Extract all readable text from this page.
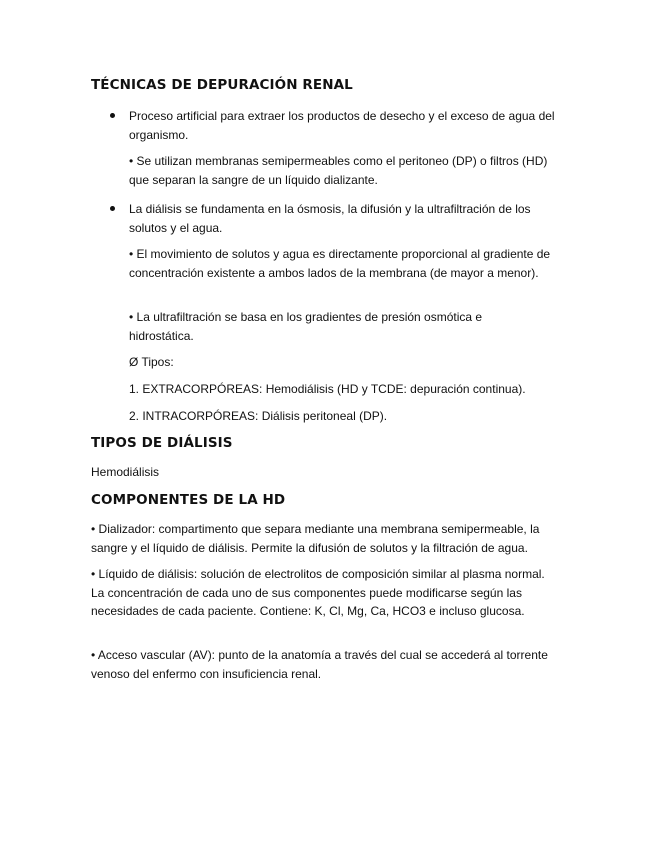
TÉCNICAS DE DEPURACIÓN RENAL

Proceso artificial para extraer los productos de desecho y el exceso de agua del organismo.

• Se utilizan membranas semipermeables como el peritoneo (DP) o filtros (HD) que separan la sangre de un líquido dializante.

La diálisis se fundamenta en la ósmosis, la difusión y la ultrafiltración de los solutos y el agua.

• El movimiento de solutos y agua es directamente proporcional al gradiente de concentración existente a ambos lados de la membrana (de mayor a menor).

• La ultrafiltración se basa en los gradientes de presión osmótica e hidrostática.

Ø Tipos:

1. EXTRACORPÓREAS: Hemodiálisis (HD y TCDE: depuración continua).

2. INTRACORPÓREAS: Diálisis peritoneal (DP).

TIPOS DE DIÁLISIS

Hemodiálisis

COMPONENTES DE LA HD

• Dializador: compartimento que separa mediante una membrana semipermeable, la sangre y el líquido de diálisis. Permite la difusión de solutos y la filtración de agua.

• Líquido de diálisis: solución de electrolitos de composición similar al plasma normal. La concentración de cada uno de sus componentes puede modificarse según las necesidades de cada paciente. Contiene: K, Cl, Mg, Ca, HCO3 e incluso glucosa.

• Acceso vascular (AV): punto de la anatomía a través del cual se accederá al torrente venoso del enfermo con insuficiencia renal.
